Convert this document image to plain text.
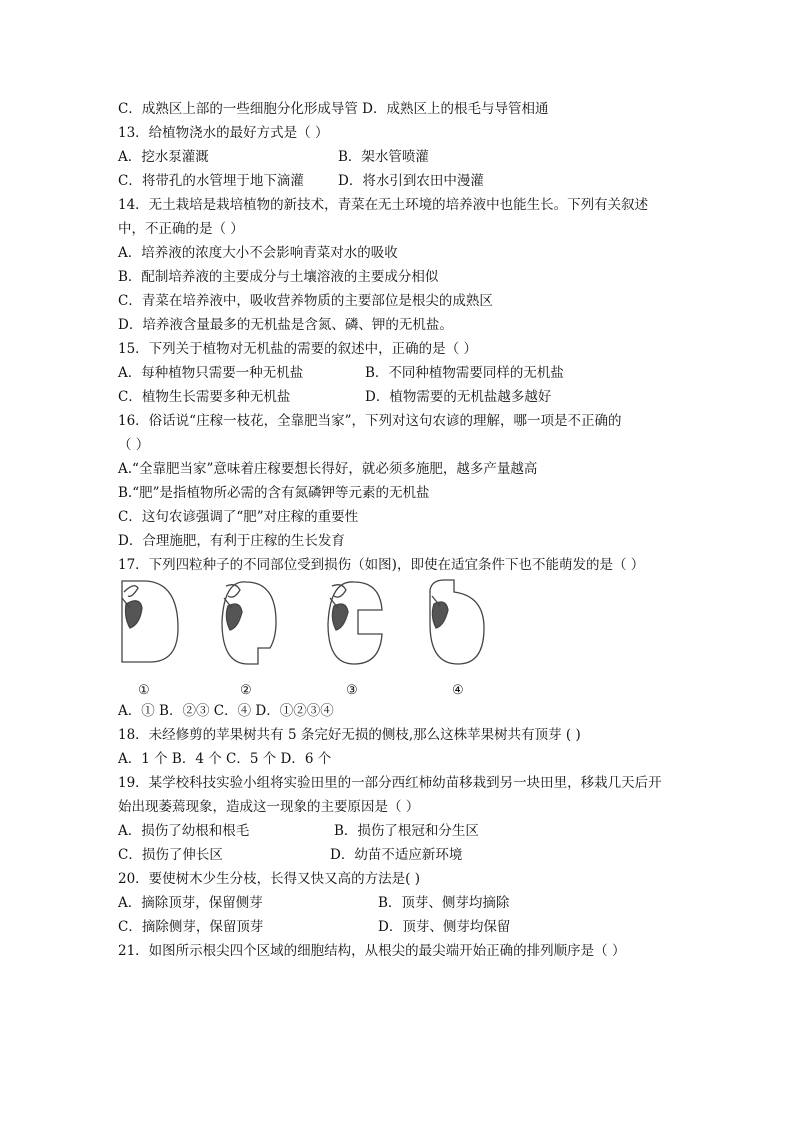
C．成熟区上部的一些细胞分化形成导管 D．成熟区上的根毛与导管相通
13．给植物浇水的最好方式是（ ）
A．挖水泵灌溉	B．架水管喷灌
C．将带孔的水管埋于地下滴灌	D．将水引到农田中漫灌
14．无土栽培是栽培植物的新技术，青菜在无土环境的培养液中也能生长。下列有关叙述
中，不正确的是（ ）
A．培养液的浓度大小不会影响青菜对水的吸收
B．配制培养液的主要成分与土壤溶液的主要成分相似
C．青菜在培养液中，吸收营养物质的主要部位是根尖的成熟区
D．培养液含量最多的无机盐是含氮、磷、钾的无机盐。
15．下列关于植物对无机盐的需要的叙述中，正确的是（ ）
A．每种植物只需要一种无机盐	B．不同种植物需要同样的无机盐
C．植物生长需要多种无机盐	D．植物需要的无机盐越多越好
16．俗话说“庄稼一枝花，全靠肥当家”，下列对这句农谚的理解，哪一项是不正确的
（ ）
A.“全靠肥当家”意味着庄稼要想长得好，就必须多施肥，越多产量越高
B.“肥”是指植物所必需的含有氮磷钾等元素的无机盐
C．这句农谚强调了“肥”对庄稼的重要性
D．合理施肥，有利于庄稼的生长发育
17．下列四粒种子的不同部位受到损伤（如图)，即使在适宜条件下也不能萌发的是（ ）
①	②	③	④
A．① B．②③ C．④ D．①②③④
18．未经修剪的苹果树共有 5 条完好无损的侧枝,那么这株苹果树共有顶芽 ( )
A．1 个 B．4 个 C．5 个 D．6 个
19．某学校科技实验小组将实验田里的一部分西红柿幼苗移栽到另一块田里，移栽几天后开
始出现萎蔫现象，造成这一现象的主要原因是（ ）
A．损伤了幼根和根毛	B．损伤了根冠和分生区
C．损伤了伸长区	D．幼苗不适应新环境
20．要使树木少生分枝，长得又快又高的方法是( )
A．摘除顶芽，保留侧芽	B．顶芽、侧芽均摘除
C．摘除侧芽，保留顶芽	D．顶芽、侧芽均保留
21．如图所示根尖四个区域的细胞结构，从根尖的最尖端开始正确的排列顺序是（ ）
